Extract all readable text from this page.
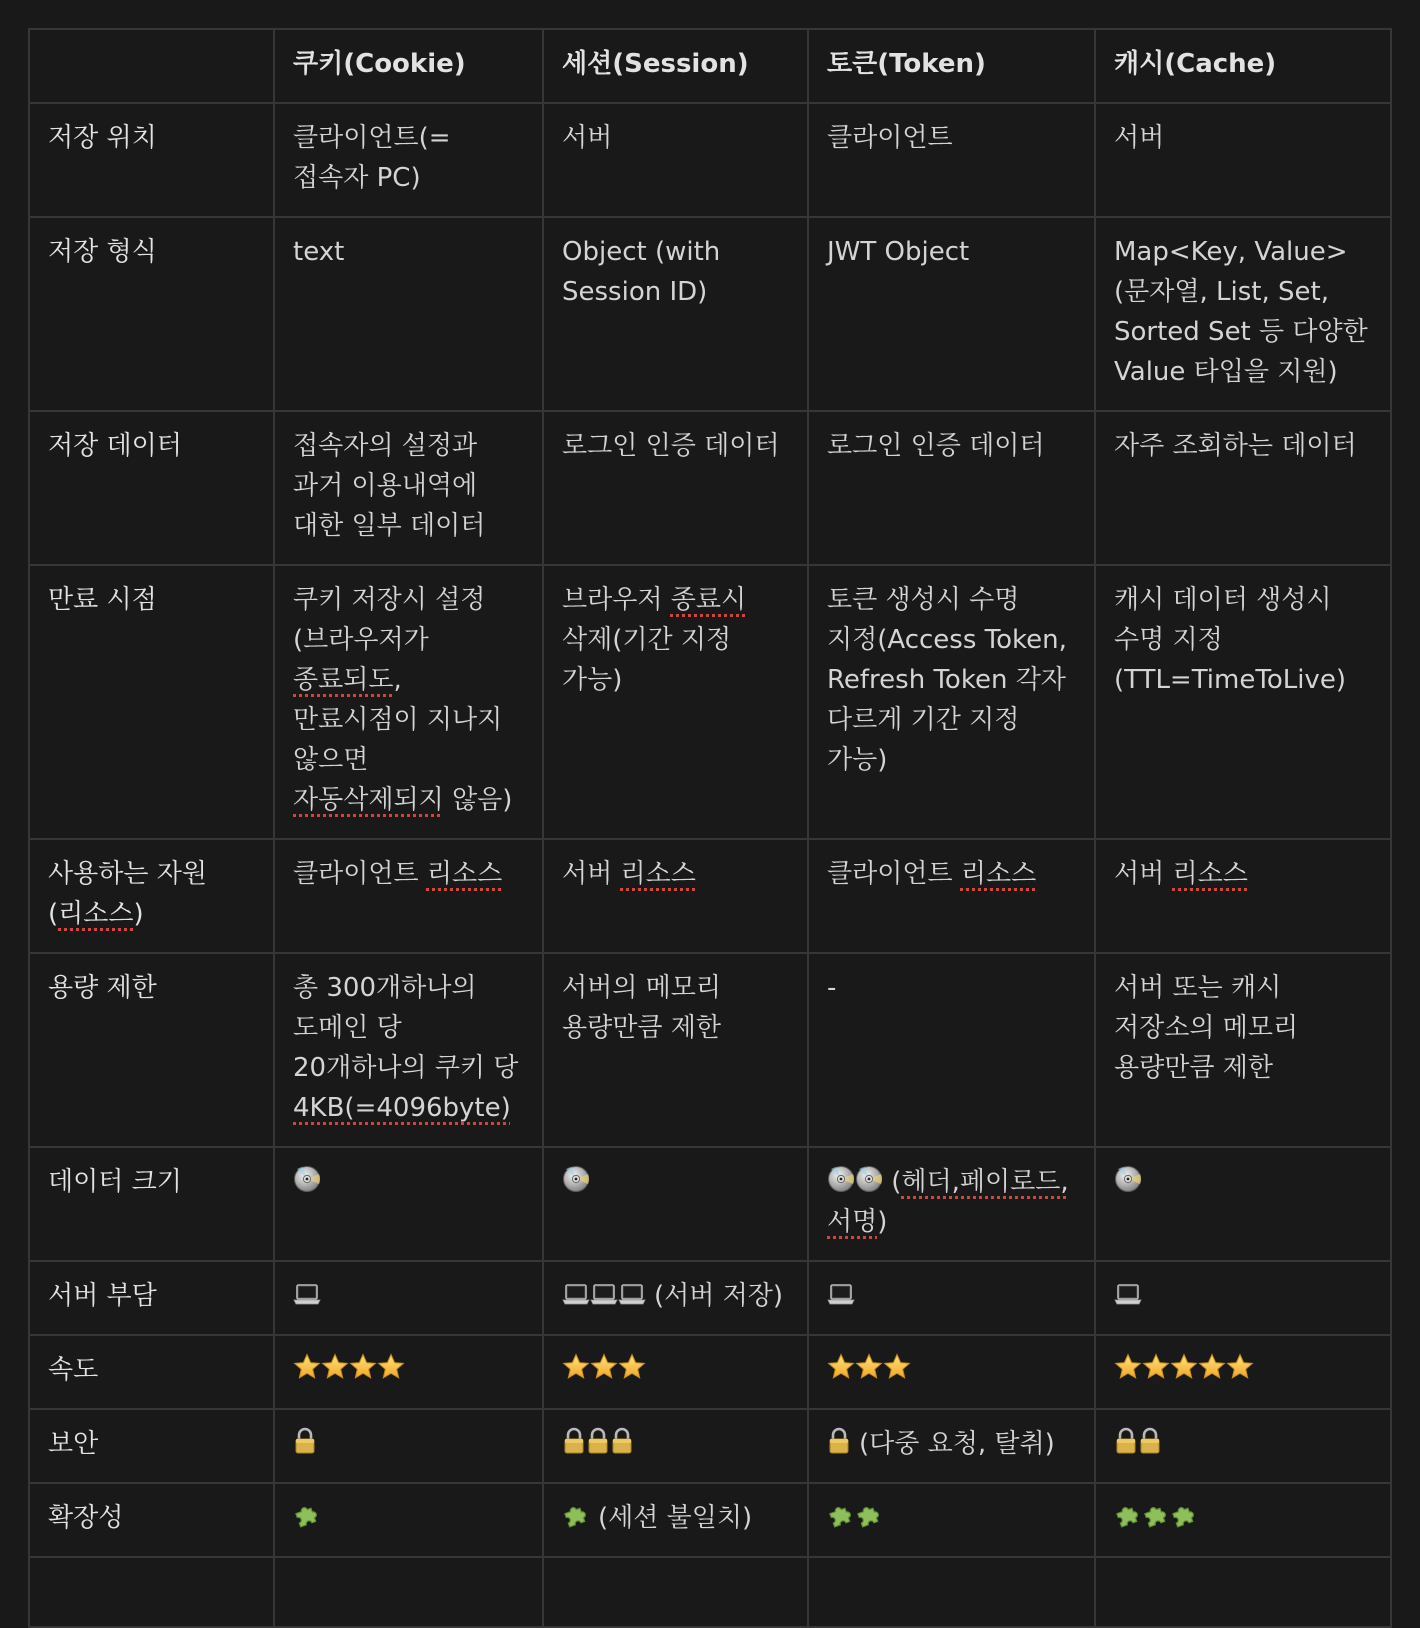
	쿠키(Cookie)	세션(Session)	토큰(Token)	캐시(Cache)
저장 위치	클라이언트(=접속자 PC)	서버	클라이언트	서버
저장 형식	text	Object (with Session ID)	JWT Object	Map<Key, Value> (문자열, List, Set, Sorted Set 등 다양한 Value 타입을 지원)
저장 데이터	접속자의 설정과 과거 이용내역에 대한 일부 데이터	로그인 인증 데이터	로그인 인증 데이터	자주 조회하는 데이터
만료 시점	쿠키 저장시 설정(브라우저가 종료되도, 만료시점이 지나지 않으면 자동삭제되지 않음)	브라우저 종료시 삭제(기간 지정 가능)	토큰 생성시 수명 지정(Access Token, Refresh Token 각자 다르게 기간 지정 가능)	캐시 데이터 생성시 수명 지정 (TTL=TimeToLive)
사용하는 자원(리소스)	클라이언트 리소스	서버 리소스	클라이언트 리소스	서버 리소스
용량 제한	총 300개하나의 도메인 당 20개하나의 쿠키 당 4KB(=4096byte)	서버의 메모리 용량만큼 제한	-	서버 또는 캐시 저장소의 메모리 용량만큼 제한
데이터 크기			(헤더,페이로드, 서명)	

서버 부담		(서버 저장)	

속도	

보안			(다중 요청, 탈취)	

확장성		(세션 불일치)	
